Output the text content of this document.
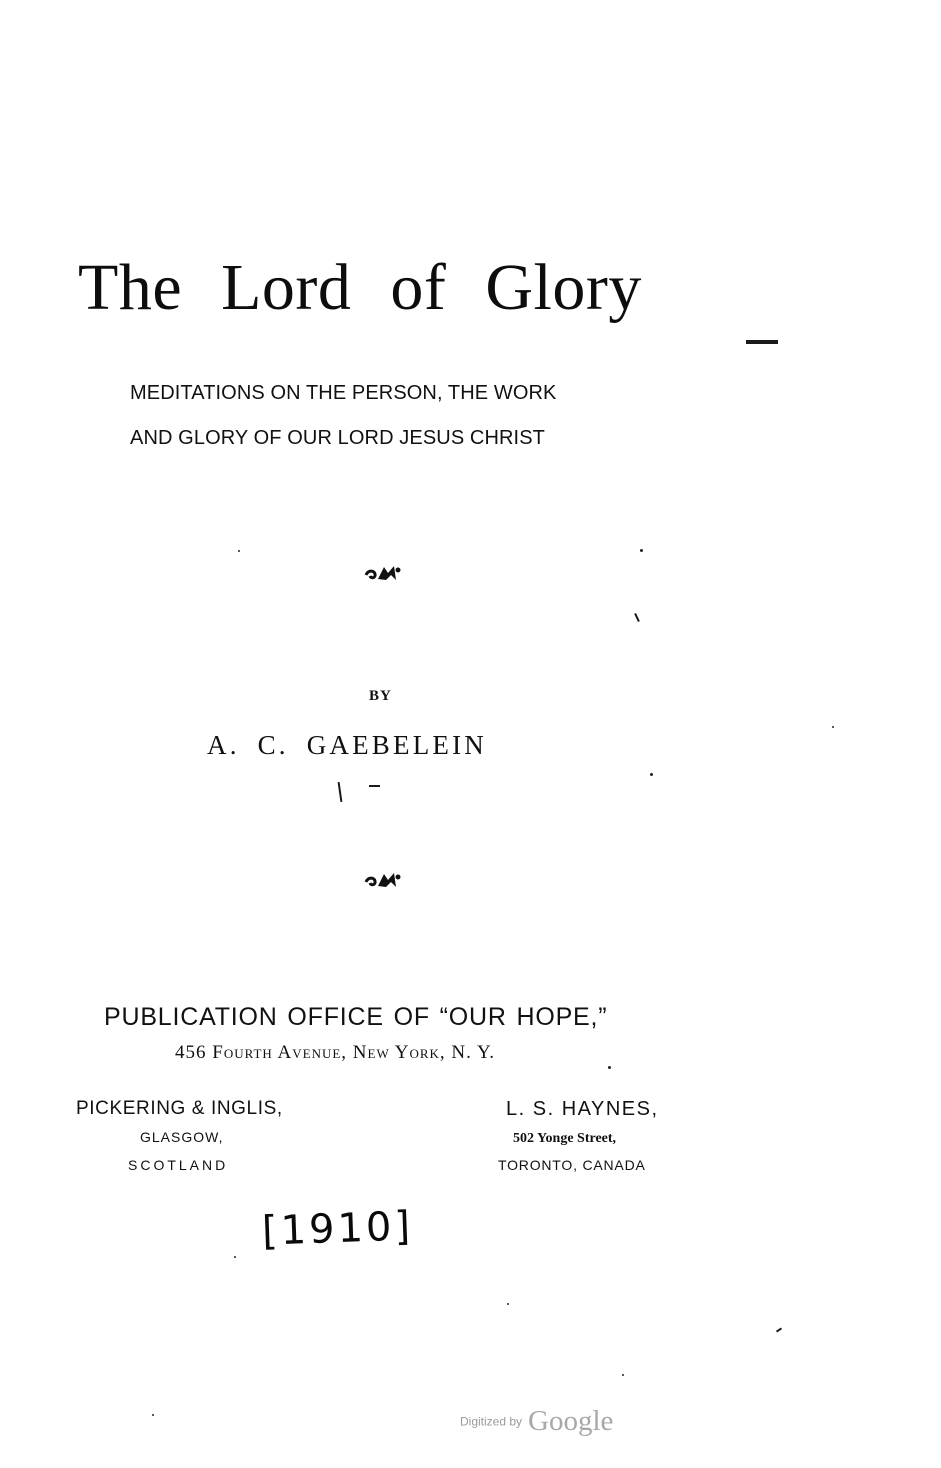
The Lord of Glory
MEDITATIONS ON THE PERSON, THE WORK
AND GLORY OF OUR LORD JESUS CHRIST
BY
A. C. GAEBELEIN
PUBLICATION OFFICE OF “OUR HOPE,”
456 Fourth Avenue, New York, N. Y.
PICKERING & INGLIS,
GLASGOW,
SCOTLAND
L. S. HAYNES,
502 Yonge Street,
TORONTO, CANADA
[1910]
Digitized by Google
